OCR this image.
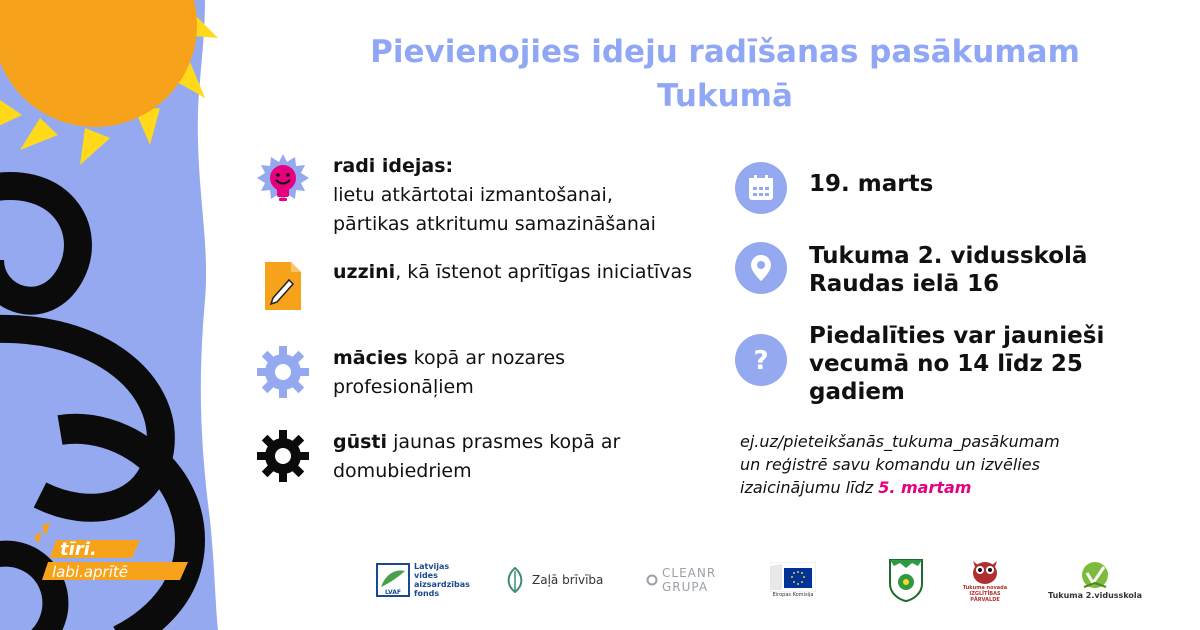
tīri.
labi.aprītē
Pievienojies ideju radīšanas pasākumam
Tukumā
radi idejas:
lietu atkārtotai izmantošanai, pārtikas atkritumu samazināšanai
uzzini, kā īstenot aprītīgas iniciatīvas
mācies kopā ar nozares profesionāļiem
gūsti jaunas prasmes kopā ar domubiedriem
19. marts
Tukuma 2. vidusskolā Raudas ielā 16
?
Piedalīties var jaunieši vecumā no 14 līdz 25 gadiem
ej.uz/pieteikšanās_tukuma_pasākumam
un reģistrē savu komandu un izvēlies izaicinājumu līdz 5. martam
LVAF
Latvijas vides aizsardzības fonds
Zaļā brīvība	CLEANR
GRUPA
Eiropas Komisija
Tukuma novada IZGLĪTĪBAS PĀRVALDE
Tukuma 2.vidusskola
